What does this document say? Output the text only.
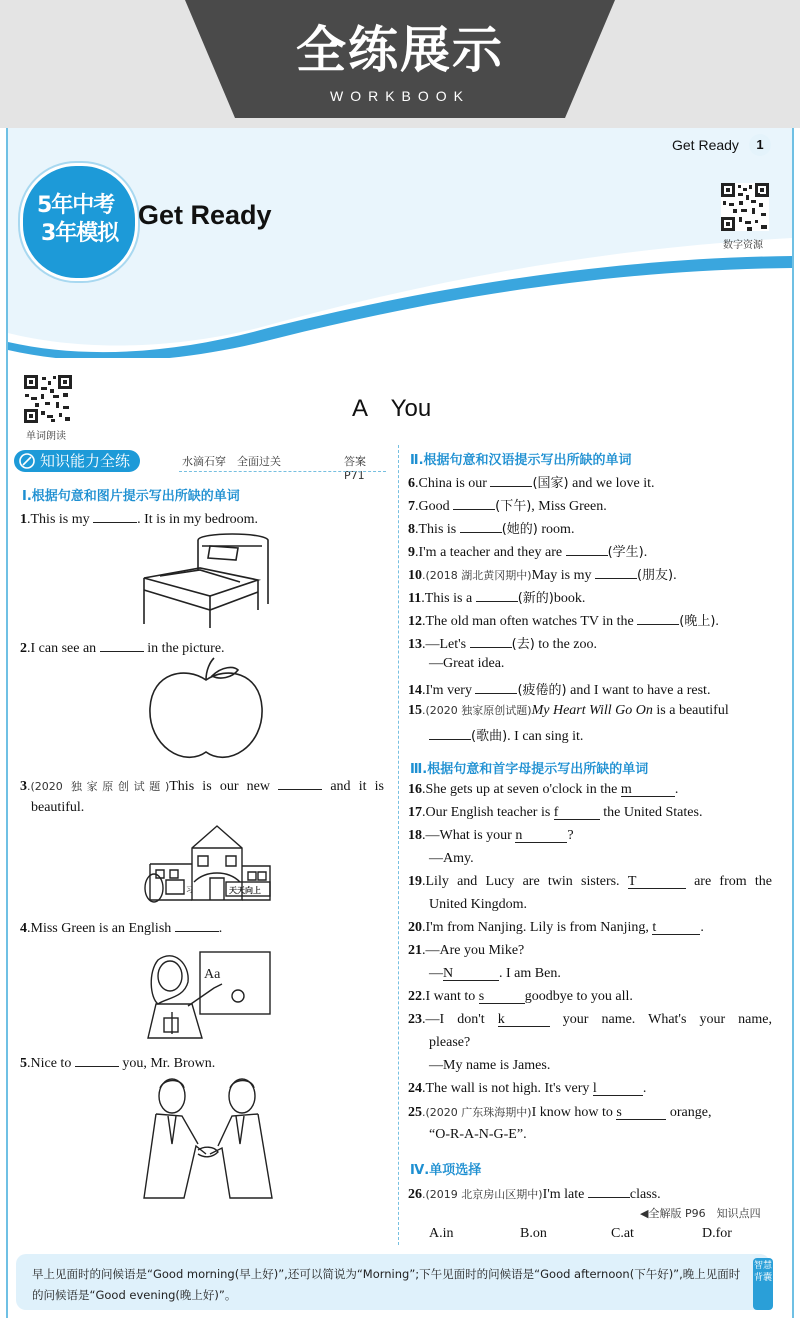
全练展示
WORKBOOK
Get Ready	1
数字资源
5年中考
3年模拟
Get Ready
单词朗读
A　You
知识能力全练	水滴石穿　全面过关	答案 P71
Ⅰ.根据句意和图片提示写出所缺的单词
1.This is my	. It is in my bedroom.
2.I can see an	in the picture.
3.(2020 独家原创试题)This is our new	and it is
beautiful.
习	天天向上
4.Miss Green is an English	.
Aa
5.Nice to	you, Mr. Brown.
Ⅱ.根据句意和汉语提示写出所缺的单词
6.China is our	(国家) and we love it.
7.Good	(下午), Miss Green.
8.This is	(她的) room.
9.I'm a teacher and they are	(学生).
10.(2018 湖北黄冈期中)May is my	(朋友).
11.This is a	(新的)book.
12.The old man often watches TV in the	(晚上).
13.—Let's	(去) to the zoo.
—Great idea.
14.I'm very	(疲倦的) and I want to have a rest.
15.(2020 独家原创试题)My Heart Will Go On is a beautiful
(歌曲). I can sing it.
Ⅲ.根据句意和首字母提示写出所缺的单词
16.She gets up at seven o'clock in the m	.
17.Our English teacher is f	the United States.
18.—What is your n	?
—Amy.
19.Lily and Lucy are twin sisters. T	are from the
United Kingdom.
20.I'm from Nanjing. Lily is from Nanjing, t	.
21.—Are you Mike?
—N	. I am Ben.
22.I want to s	goodbye to you all.
23.—I don't k	your name. What's your name,
please?
—My name is James.
24.The wall is not high. It's very l	.
25.(2020 广东珠海期中)I know how to s	orange,
“O-R-A-N-G-E”.
Ⅳ.单项选择
26.(2019 北京房山区期中)I'm late	class.
◀全解版 P96　知识点四
A.in	B.on	C.at	D.for
早上见面时的问候语是“Good morning(早上好)”,还可以简说为“Morning”;下午见面时的问候语是“Good afternoon(下午好)”,晚上见面时的问候语是“Good evening(晚上好)”。
智慧背囊
